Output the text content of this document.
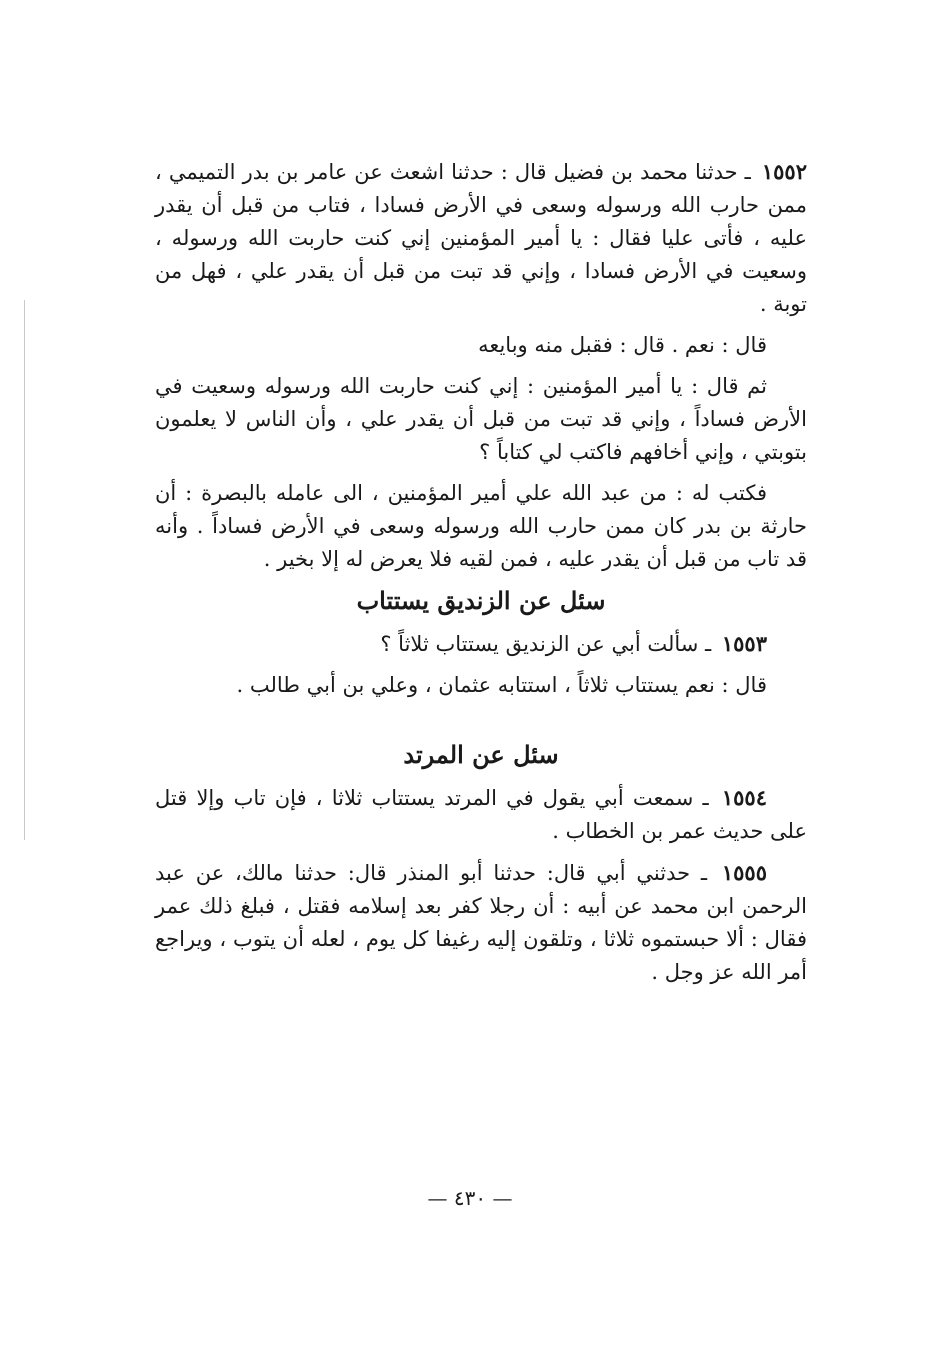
١٥٥٢ ـ حدثنا محمد بن فضيل قال : حدثنا اشعث عن عامر بن بدر التميمي ، ممن حارب الله ورسوله وسعى في الأرض فسادا ، فتاب من قبل أن يقدر عليه ، فأتى عليا فقال : يا أمير المؤمنين إني كنت حاربت الله ورسوله ، وسعيت في الأرض فسادا ، وإني قد تبت من قبل أن يقدر علي ، فهل من توبة .

قال : نعم . قال : فقبل منه وبايعه

ثم قال : يا أمير المؤمنين : إني كنت حاربت الله ورسوله وسعيت في الأرض فساداً ، وإني قد تبت من قبل أن يقدر علي ، وأن الناس لا يعلمون بتوبتي ، وإني أخافهم فاكتب لي كتاباً ؟

فكتب له : من عبد الله علي أمير المؤمنين ، الى عامله بالبصرة : أن حارثة بن بدر كان ممن حارب الله ورسوله وسعى في الأرض فساداً . وأنه قد تاب من قبل أن يقدر عليه ، فمن لقيه فلا يعرض له إلا بخير .

سئل عن الزنديق يستتاب

١٥٥٣ ـ سألت أبي عن الزنديق يستتاب ثلاثاً ؟

قال : نعم يستتاب ثلاثاً ، استتابه عثمان ، وعلي بن أبي طالب .

سئل عن المرتد

١٥٥٤ ـ سمعت أبي يقول في المرتد يستتاب ثلاثا ، فإن تاب وإلا قتل على حديث عمر بن الخطاب .

١٥٥٥ ـ حدثني أبي قال: حدثنا أبو المنذر قال: حدثنا مالك، عن عبد الرحمن ابن محمد عن أبيه : أن رجلا كفر بعد إسلامه فقتل ، فبلغ ذلك عمر فقال : ألا حبستموه ثلاثا ، وتلقون إليه رغيفا كل يوم ، لعله أن يتوب ، ويراجع أمر الله عز وجل .

— ٤٣٠ —
